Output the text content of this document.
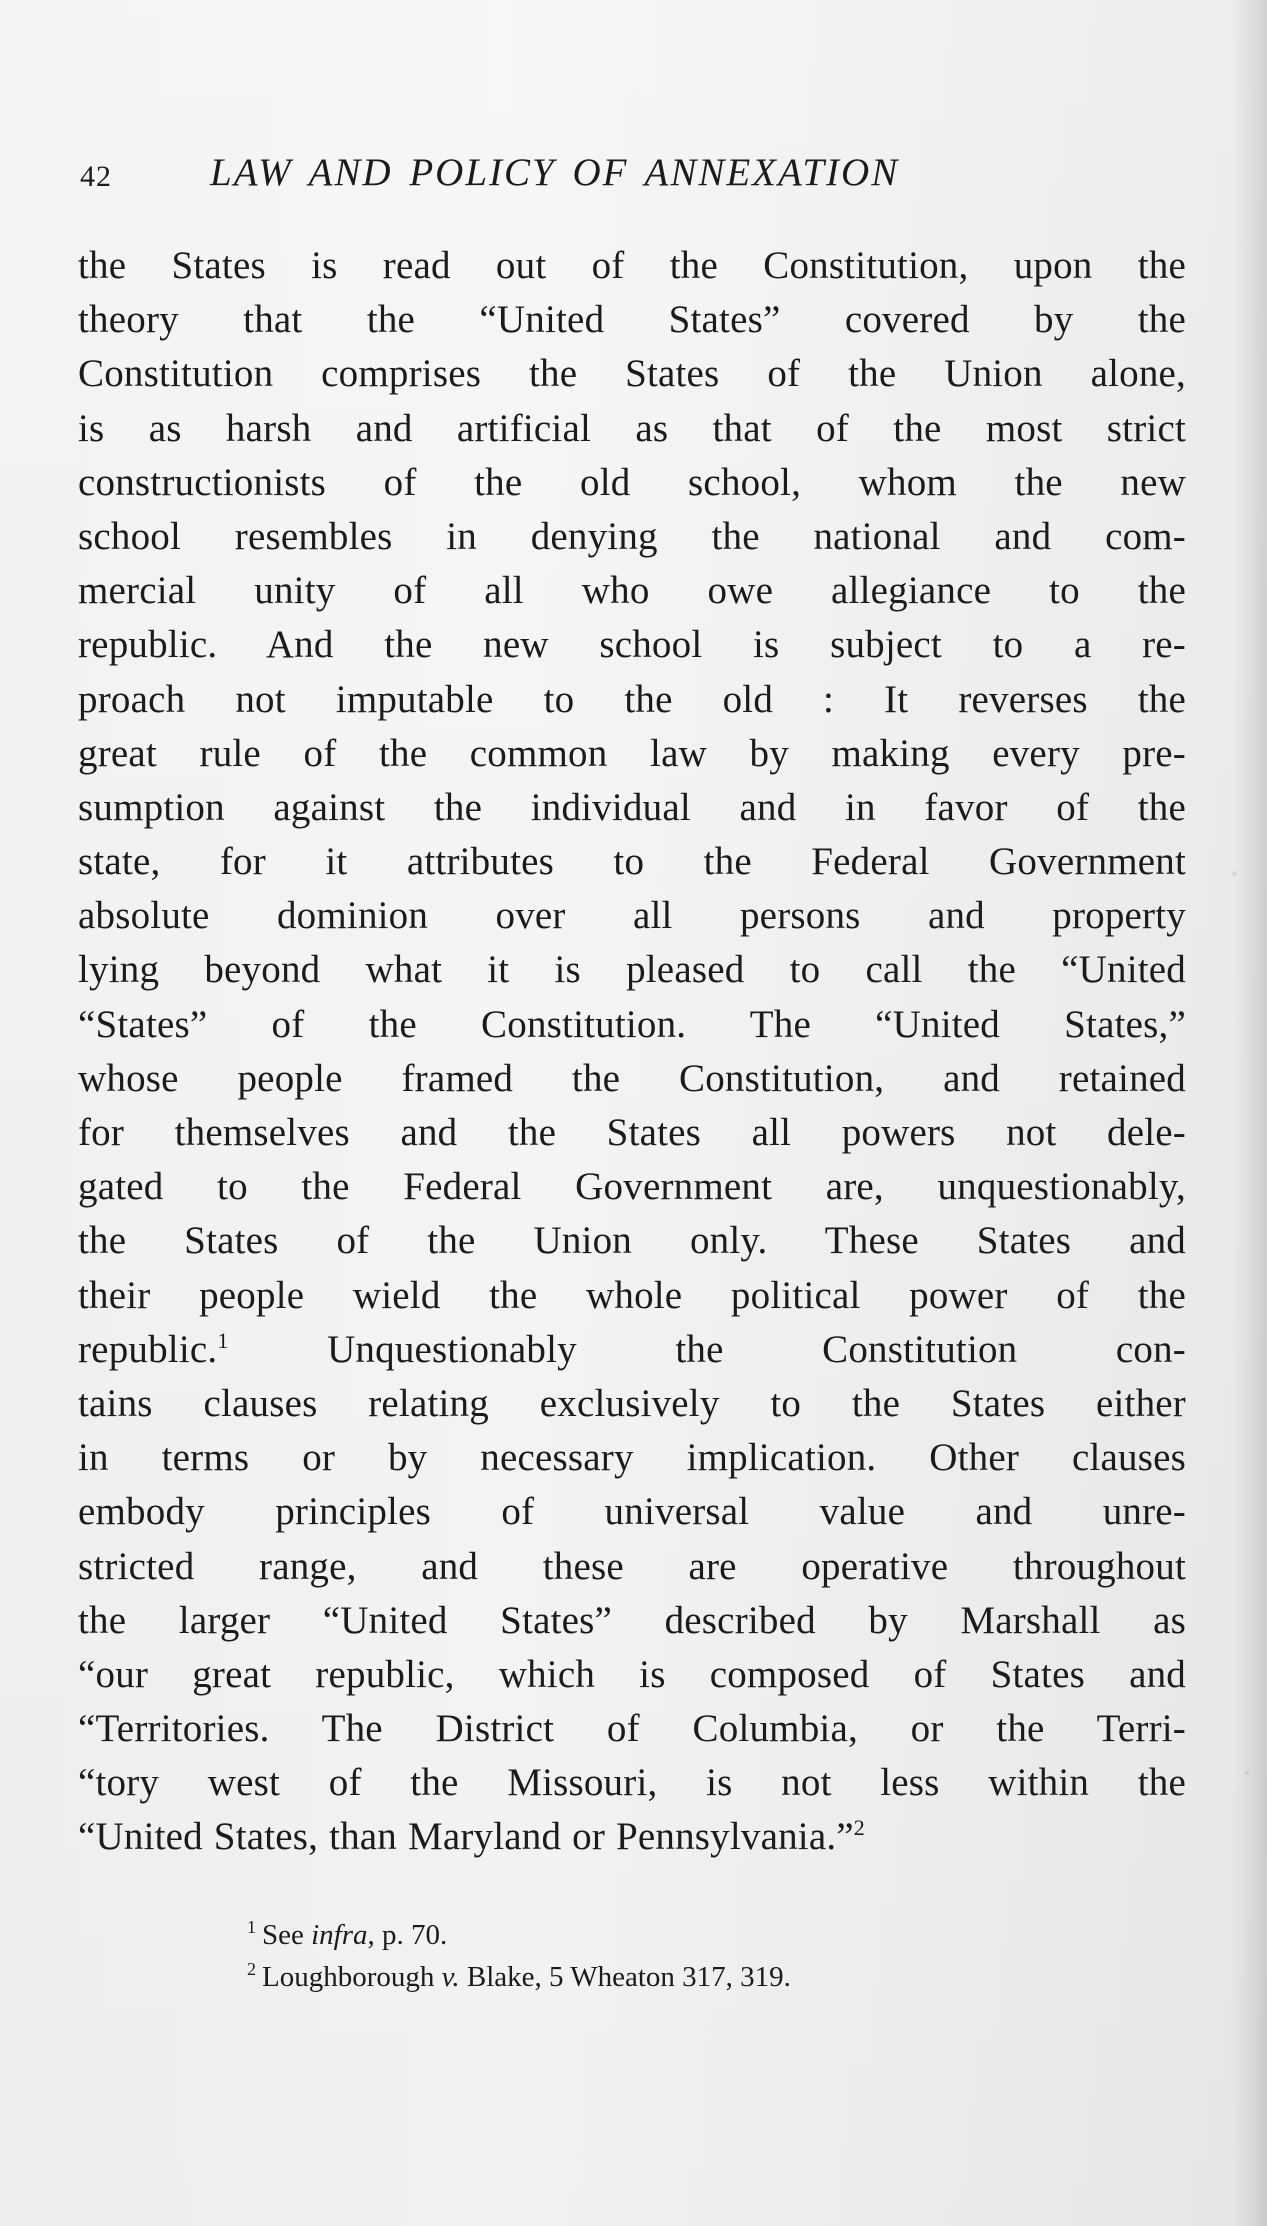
42	LAW AND POLICY OF ANNEXATION
the States is read out of the Constitution, upon the
theory that the “United States” covered by the
Constitution comprises the States of the Union alone,
is as harsh and artificial as that of the most strict
constructionists of the old school, whom the new
school resembles in denying the national and com-
mercial unity of all who owe allegiance to the
republic. And the new school is subject to a re-
proach not imputable to the old : It reverses the
great rule of the common law by making every pre-
sumption against the individual and in favor of the
state, for it attributes to the Federal Government
absolute dominion over all persons and property
lying beyond what it is pleased to call the “United
“States” of the Constitution. The “United States,”
whose people framed the Constitution, and retained
for themselves and the States all powers not dele-
gated to the Federal Government are, unquestionably,
the States of the Union only. These States and
their people wield the whole political power of the
republic.$^1$ Unquestionably the Constitution con-
tains clauses relating exclusively to the States either
in terms or by necessary implication. Other clauses
embody principles of universal value and unre-
stricted range, and these are operative throughout
the larger “United States” described by Marshall as
“our great republic, which is composed of States and
“Territories. The District of Columbia, or the Terri-
“tory west of the Missouri, is not less within the
“United States, than Maryland or Pennsylvania.”$^2$
$^1$ See infra, p. 70.
$^2$ Loughborough v. Blake, 5 Wheaton 317, 319.
